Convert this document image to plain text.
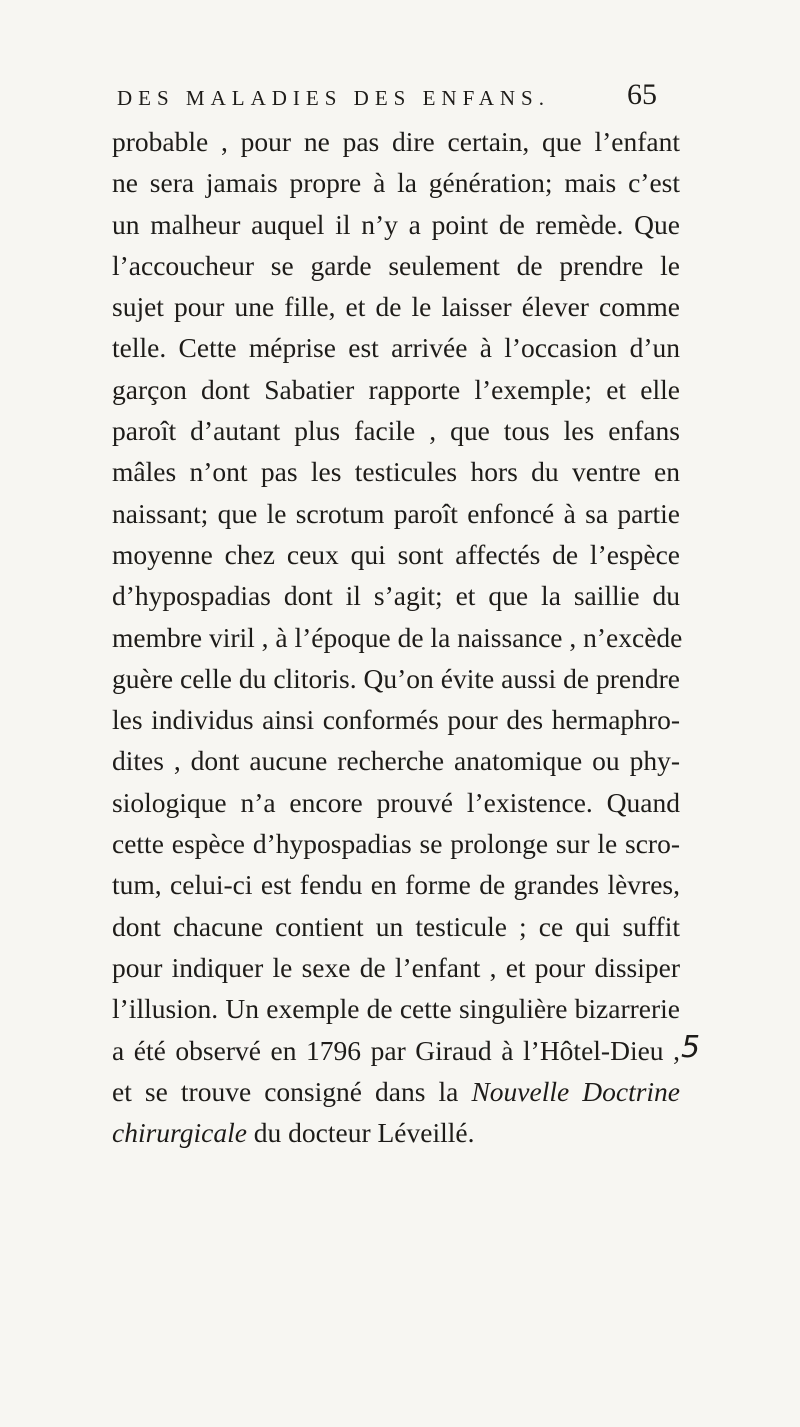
DES MALADIES DES ENFANS.	65
probable , pour ne pas dire certain, que l’enfant
ne sera jamais propre à la génération; mais c’est
un malheur auquel il n’y a point de remède. Que
l’accoucheur se garde seulement de prendre le
sujet pour une fille, et de le laisser élever comme
telle. Cette méprise est arrivée à l’occasion d’un
garçon dont Sabatier rapporte l’exemple; et elle
paroît d’autant plus facile , que tous les enfans
mâles n’ont pas les testicules hors du ventre en
naissant; que le scrotum paroît enfoncé à sa partie
moyenne chez ceux qui sont affectés de l’espèce
d’hypospadias dont il s’agit; et que la saillie du
membre viril , à l’époque de la naissance , n’excède
guère celle du clitoris. Qu’on évite aussi de prendre
les individus ainsi conformés pour des hermaphro-
dites , dont aucune recherche anatomique ou phy-
siologique n’a encore prouvé l’existence. Quand
cette espèce d’hypospadias se prolonge sur le scro-
tum, celui-ci est fendu en forme de grandes lèvres,
dont chacune contient un testicule ; ce qui suffit
pour indiquer le sexe de l’enfant , et pour dissiper
l’illusion. Un exemple de cette singulière bizarrerie
a été observé en 1796 par Giraud à l’Hôtel-Dieu ,
et se trouve consigné dans la Nouvelle Doctrine
chirurgicale du docteur Léveillé.
5
